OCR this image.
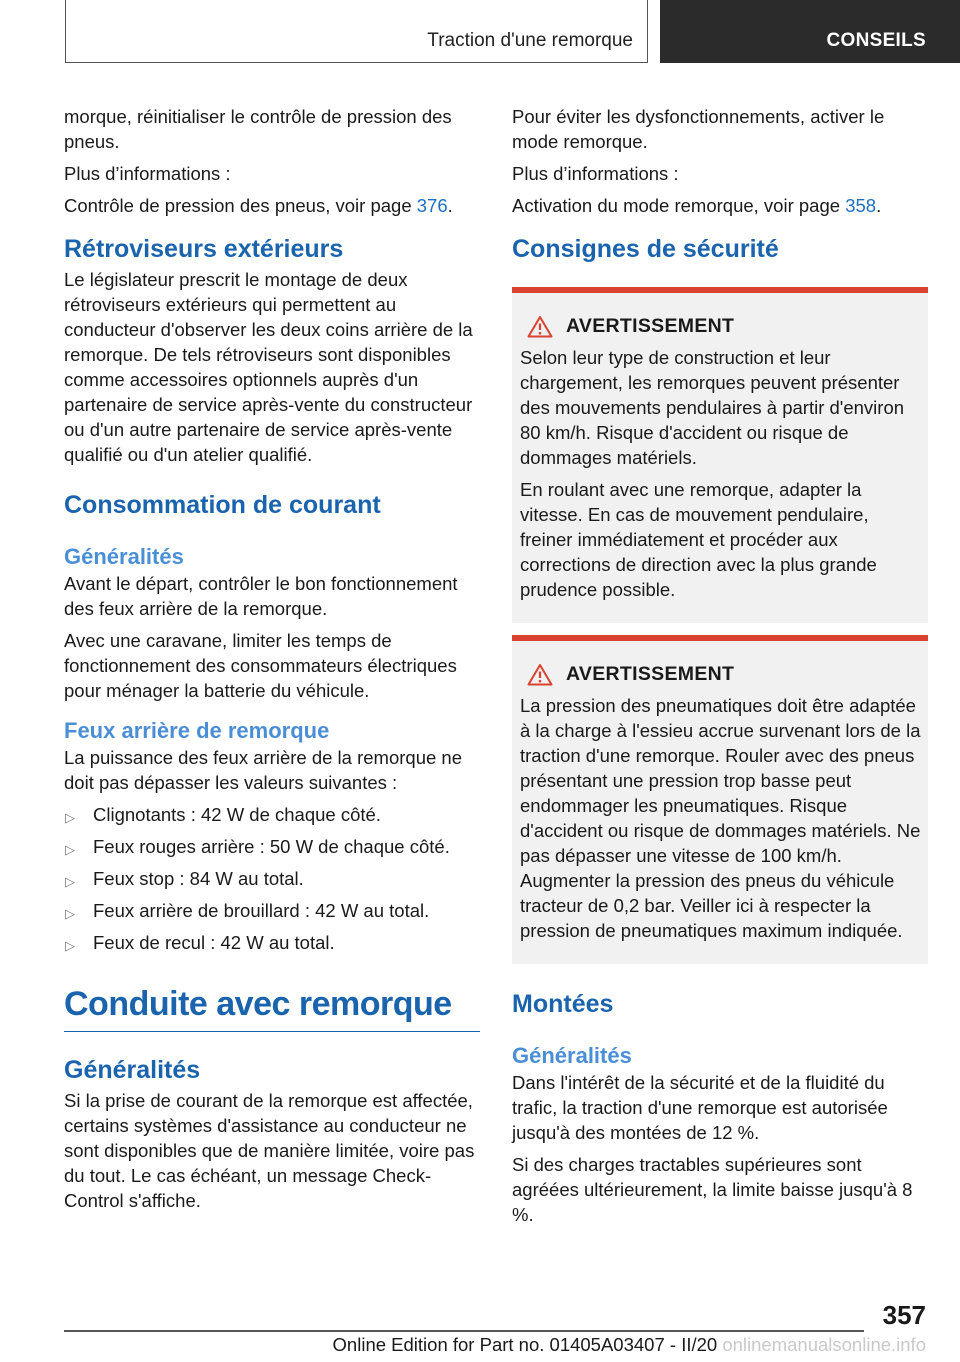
Traction d'une remorque	CONSEILS

morque, réinitialiser le contrôle de pression des pneus.

Plus d’informations :

Contrôle de pression des pneus, voir page 376.

Rétroviseurs extérieurs

Le législateur prescrit le montage de deux rétroviseurs extérieurs qui permettent au conducteur d'observer les deux coins arrière de la remorque. De tels rétroviseurs sont disponibles comme accessoires optionnels auprès d'un partenaire de service après-vente du constructeur ou d'un autre partenaire de service après-vente qualifié ou d'un atelier qualifié.

Consommation de courant
Généralités

Avant le départ, contrôler le bon fonctionnement des feux arrière de la remorque.

Avec une caravane, limiter les temps de fonctionnement des consommateurs électriques pour ménager la batterie du véhicule.

Feux arrière de remorque

La puissance des feux arrière de la remorque ne doit pas dépasser les valeurs suivantes :

▷ Clignotants : 42 W de chaque côté.
▷ Feux rouges arrière : 50 W de chaque côté.
▷ Feux stop : 84 W au total.
▷ Feux arrière de brouillard : 42 W au total.
▷ Feux de recul : 42 W au total.
Conduite avec remorque
Généralités

Si la prise de courant de la remorque est affectée, certains systèmes d'assistance au conducteur ne sont disponibles que de manière limitée, voire pas du tout. Le cas échéant, un message Check-Control s'affiche.

Pour éviter les dysfonctionnements, activer le mode remorque.

Plus d’informations :

Activation du mode remorque, voir page 358.

Consignes de sécurité
AVERTISSEMENT

Selon leur type de construction et leur chargement, les remorques peuvent présenter des mouvements pendulaires à partir d'environ 80 km/h. Risque d'accident ou risque de dommages matériels.

En roulant avec une remorque, adapter la vitesse. En cas de mouvement pendulaire, freiner immédiatement et procéder aux corrections de direction avec la plus grande prudence possible.

AVERTISSEMENT

La pression des pneumatiques doit être adaptée à la charge à l'essieu accrue survenant lors de la traction d'une remorque. Rouler avec des pneus présentant une pression trop basse peut endommager les pneumatiques. Risque d'accident ou risque de dommages matériels. Ne pas dépasser une vitesse de 100 km/h. Augmenter la pression des pneus du véhicule tracteur de 0,2 bar. Veiller ici à respecter la pression de pneumatiques maximum indiquée.

Montées
Généralités

Dans l'intérêt de la sécurité et de la fluidité du trafic, la traction d'une remorque est autorisée jusqu'à des montées de 12 %.

Si des charges tractables supérieures sont agréées ultérieurement, la limite baisse jusqu'à 8 %.

357
Online Edition for Part no. 01405A03407 - II/20 onlinemanualsonline.info
